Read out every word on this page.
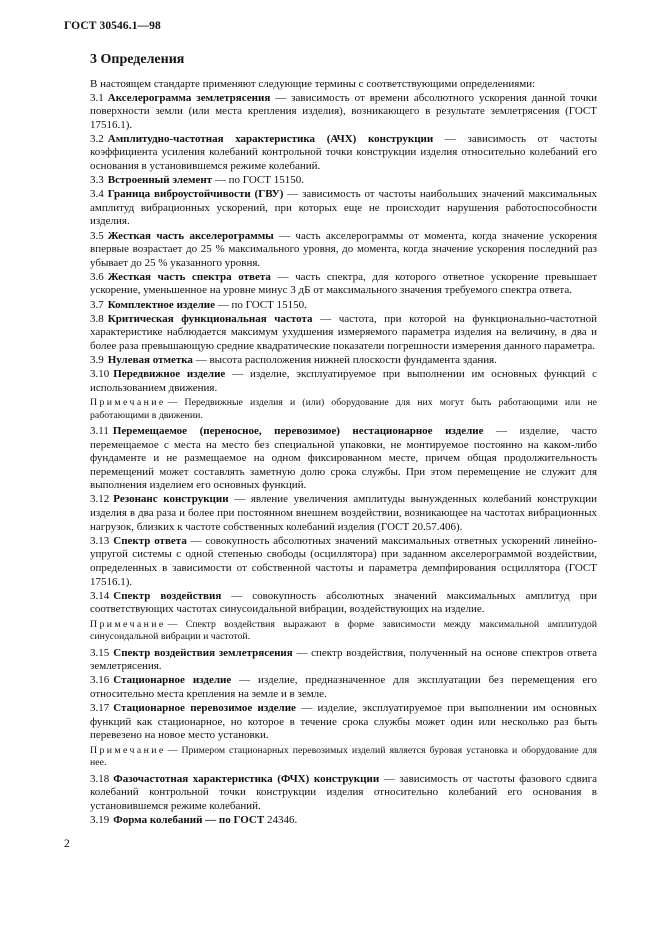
ГОСТ 30546.1—98
3 Определения

В настоящем стандарте применяют следующие термины с соответствующими определениями:

3.1 Акселерограмма землетрясения — зависимость от времени абсолютного ускорения данной точки поверхности земли (или места крепления изделия), возникающего в результате землетрясения (ГОСТ 17516.1).

3.2 Амплитудно-частотная характеристика (АЧХ) конструкции — зависимость от частоты коэффициента усиления колебаний контрольной точки конструкции изделия относительно колебаний его основания в установившемся режиме колебаний.

3.3 Встроенный элемент — по ГОСТ 15150.

3.4 Граница виброустойчивости (ГВУ) — зависимость от частоты наибольших значений максимальных амплитуд вибрационных ускорений, при которых еще не происходит нарушения работоспособности изделия.

3.5 Жесткая часть акселерограммы — часть акселерограммы от момента, когда значение ускорения впервые возрастает до 25 % максимального уровня, до момента, когда значение ускорения последний раз убывает до 25 % указанного уровня.

3.6 Жесткая часть спектра ответа — часть спектра, для которого ответное ускорение превышает ускорение, уменьшенное на уровне минус 3 дБ от максимального значения требуемого спектра ответа.

3.7 Комплектное изделие — по ГОСТ 15150.

3.8 Критическая функциональная частота — частота, при которой на функционально-частотной характеристике наблюдается максимум ухудшения измеряемого параметра изделия на величину, в два и более раза превышающую средние квадратические показатели погрешности измерения данного параметра.

3.9 Нулевая отметка — высота расположения нижней плоскости фундамента здания.

3.10 Передвижное изделие — изделие, эксплуатируемое при выполнении им основных функций с использованием движения.

Примечание — Передвижные изделия и (или) оборудование для них могут быть работающими или не работающими в движении.

3.11 Перемещаемое (переносное, перевозимое) нестационарное изделие — изделие, часто перемещаемое с места на место без специальной упаковки, не монтируемое постоянно на каком-либо фундаменте и не размещаемое на одном фиксированном месте, причем общая продолжительность перемещений может составлять заметную долю срока службы. При этом перемещение не служит для выполнения изделием его основных функций.

3.12 Резонанс конструкции — явление увеличения амплитуды вынужденных колебаний конструкции изделия в два раза и более при постоянном внешнем воздействии, возникающее на частотах вибрационных нагрузок, близких к частоте собственных колебаний изделия (ГОСТ 20.57.406).

3.13 Спектр ответа — совокупность абсолютных значений максимальных ответных ускорений линейно-упругой системы с одной степенью свободы (осциллятора) при заданном акселерограммой воздействии, определенных в зависимости от собственной частоты и параметра демпфирования осциллятора (ГОСТ 17516.1).

3.14 Спектр воздействия — совокупность абсолютных значений максимальных амплитуд при соответствующих частотах синусоидальной вибрации, воздействующих на изделие.

Примечание — Спектр воздействия выражают в форме зависимости между максимальной амплитудой синусоидальной вибрации и частотой.

3.15 Спектр воздействия землетрясения — спектр воздействия, полученный на основе спектров ответа землетрясения.

3.16 Стационарное изделие — изделие, предназначенное для эксплуатации без перемещения его относительно места крепления на земле и в земле.

3.17 Стационарное перевозимое изделие — изделие, эксплуатируемое при выполнении им основных функций как стационарное, но которое в течение срока службы может один или несколько раз быть перевезено на новое место установки.

Примечание — Примером стационарных перевозимых изделий является буровая установка и оборудование для нее.

3.18 Фазочастотная характеристика (ФЧХ) конструкции — зависимость от частоты фазового сдвига колебаний контрольной точки конструкции изделия относительно колебаний его основания в установившемся режиме колебаний.

3.19 Форма колебаний — по ГОСТ 24346.

2
